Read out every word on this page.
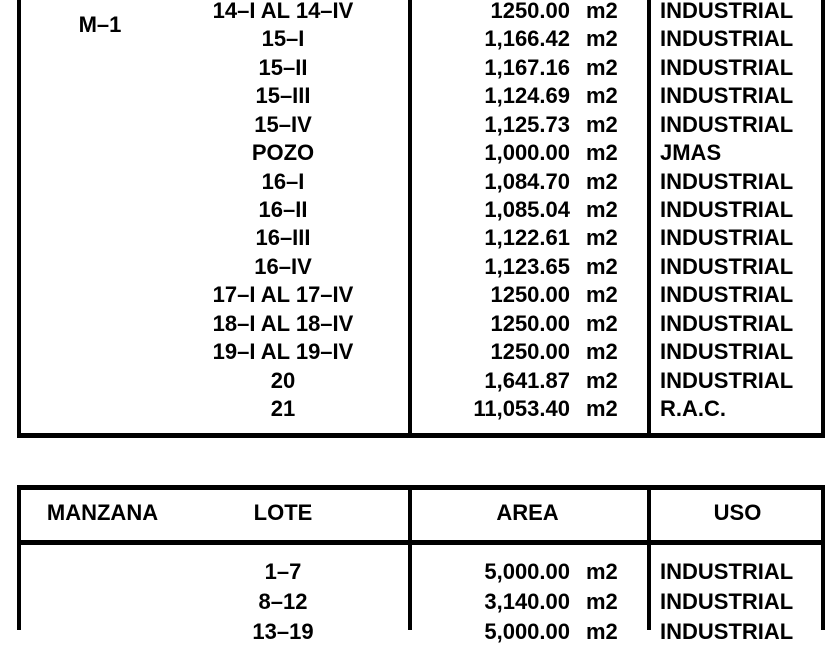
M–1
14–I AL 14–IV	1250.00 m2	INDUSTRIAL
15–I	1,166.42 m2	INDUSTRIAL
15–II	1,167.16 m2	INDUSTRIAL
15–III	1,124.69 m2	INDUSTRIAL
15–IV	1,125.73 m2	INDUSTRIAL
POZO	1,000.00 m2	JMAS
16–I	1,084.70 m2	INDUSTRIAL
16–II	1,085.04 m2	INDUSTRIAL
16–III	1,122.61 m2	INDUSTRIAL
16–IV	1,123.65 m2	INDUSTRIAL
17–I AL 17–IV	1250.00 m2	INDUSTRIAL
18–I AL 18–IV	1250.00 m2	INDUSTRIAL
19–I AL 19–IV	1250.00 m2	INDUSTRIAL
20	1,641.87 m2	INDUSTRIAL
21	11,053.40 m2	R.A.C.
MANZANA	LOTE	AREA	USO
1–7	5,000.00 m2	INDUSTRIAL
8–12	3,140.00 m2	INDUSTRIAL
13–19	5,000.00 m2	INDUSTRIAL
